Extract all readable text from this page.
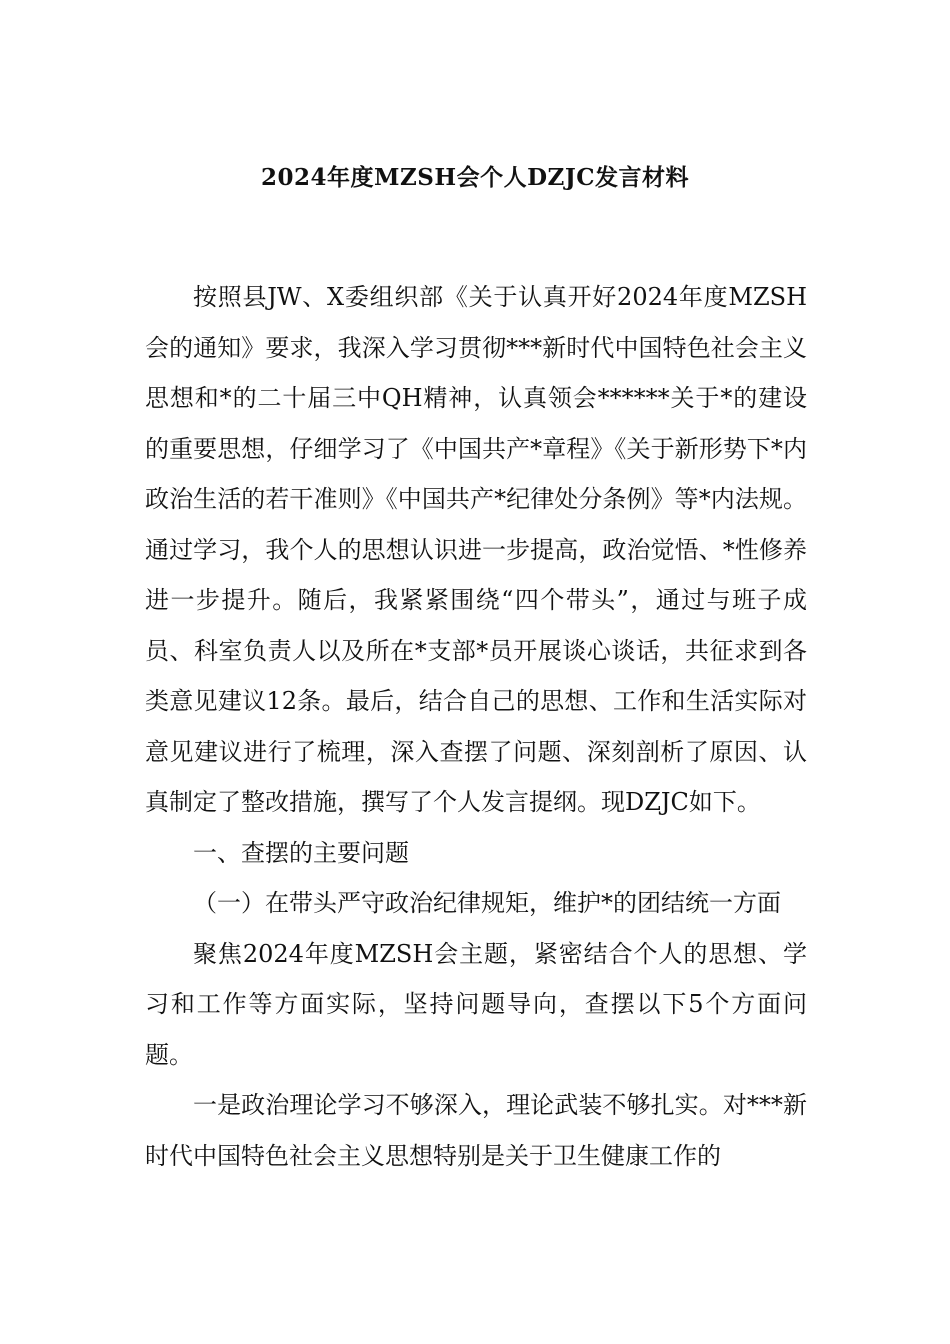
2024年度MZSH会个人DZJC发言材料

按照县JW、X委组织部《关于认真开好2024年度MZSH会的通知》要求，我深入学习贯彻***新时代中国特色社会主义思想和*的二十届三中QH精神，认真领会******关于*的建设的重要思想，仔细学习了《中国共产*章程》《关于新形势下*内政治生活的若干准则》《中国共产*纪律处分条例》等*内法规。通过学习，我个人的思想认识进一步提高，政治觉悟、*性修养进一步提升。随后，我紧紧围绕“四个带头”，通过与班子成员、科室负责人以及所在*支部*员开展谈心谈话，共征求到各类意见建议12条。最后，结合自己的思想、工作和生活实际对意见建议进行了梳理，深入查摆了问题、深刻剖析了原因、认真制定了整改措施，撰写了个人发言提纲。现DZJC如下。

一、查摆的主要问题

（一）在带头严守政治纪律规矩，维护*的团结统一方面

聚焦2024年度MZSH会主题，紧密结合个人的思想、学习和工作等方面实际，坚持问题导向，查摆以下5个方面问题。

一是政治理论学习不够深入，理论武装不够扎实。对***新时代中国特色社会主义思想特别是关于卫生健康工作的
